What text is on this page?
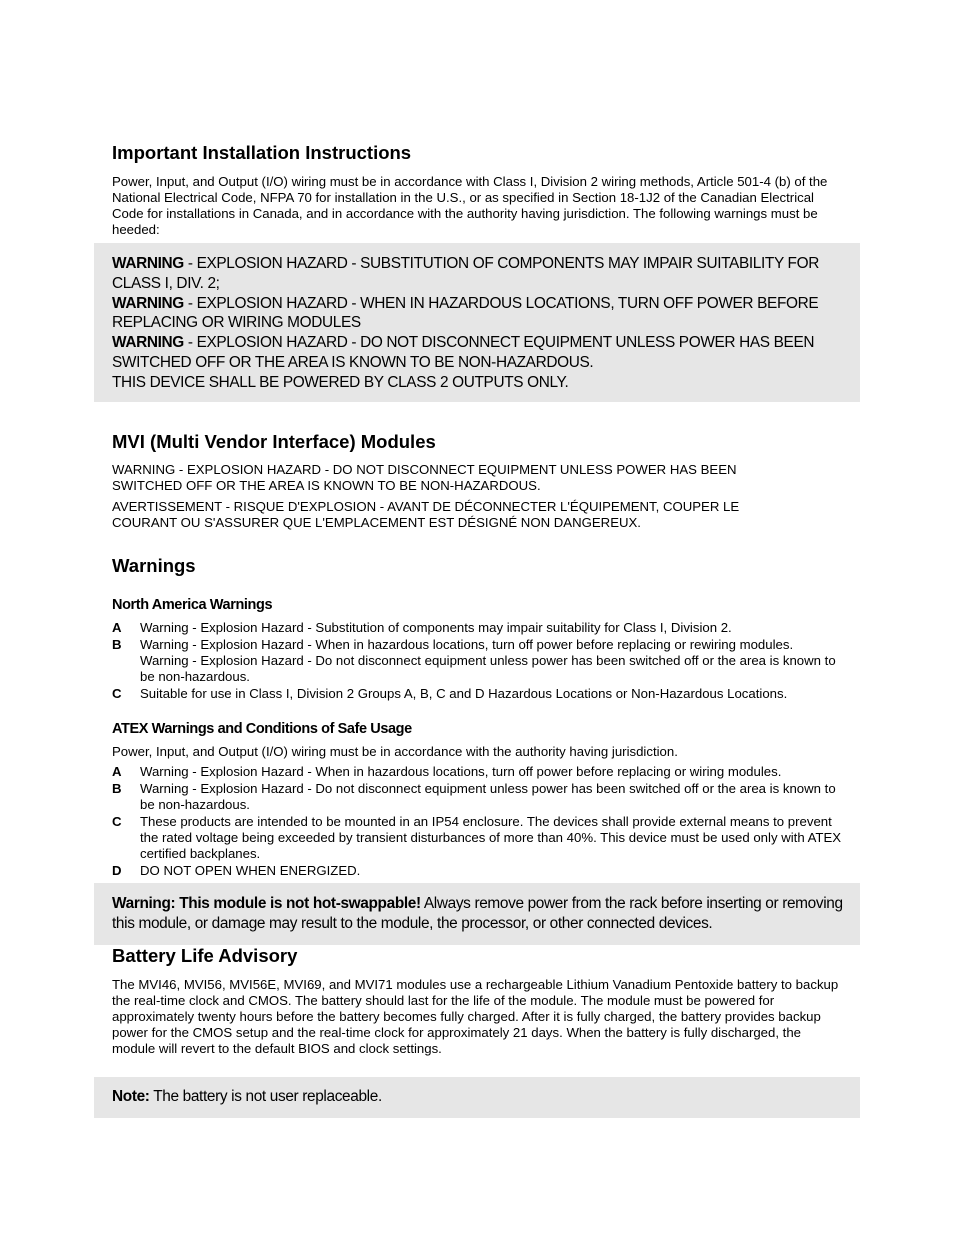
Important Installation Instructions

Power, Input, and Output (I/O) wiring must be in accordance with Class I, Division 2 wiring methods, Article 501-4 (b) of the National Electrical Code, NFPA 70 for installation in the U.S., or as specified in Section 18-1J2 of the Canadian Electrical Code for installations in Canada, and in accordance with the authority having jurisdiction. The following warnings must be heeded:

WARNING - EXPLOSION HAZARD - SUBSTITUTION OF COMPONENTS MAY IMPAIR SUITABILITY FOR CLASS I, DIV. 2;
WARNING - EXPLOSION HAZARD - WHEN IN HAZARDOUS LOCATIONS, TURN OFF POWER BEFORE REPLACING OR WIRING MODULES
WARNING - EXPLOSION HAZARD - DO NOT DISCONNECT EQUIPMENT UNLESS POWER HAS BEEN SWITCHED OFF OR THE AREA IS KNOWN TO BE NON-HAZARDOUS.
THIS DEVICE SHALL BE POWERED BY CLASS 2 OUTPUTS ONLY.
MVI (Multi Vendor Interface) Modules

WARNING - EXPLOSION HAZARD - DO NOT DISCONNECT EQUIPMENT UNLESS POWER HAS BEEN SWITCHED OFF OR THE AREA IS KNOWN TO BE NON-HAZARDOUS.

AVERTISSEMENT - RISQUE D'EXPLOSION - AVANT DE DÉCONNECTER L'ÉQUIPEMENT, COUPER LE COURANT OU S'ASSURER QUE L'EMPLACEMENT EST DÉSIGNÉ NON DANGEREUX.

Warnings
North America Warnings
A	Warning - Explosion Hazard - Substitution of components may impair suitability for Class I, Division 2.
B	Warning - Explosion Hazard - When in hazardous locations, turn off power before replacing or rewiring modules.
Warning - Explosion Hazard - Do not disconnect equipment unless power has been switched off or the area is known to be non-hazardous.
C	Suitable for use in Class I, Division 2 Groups A, B, C and D Hazardous Locations or Non-Hazardous Locations.
ATEX Warnings and Conditions of Safe Usage

Power, Input, and Output (I/O) wiring must be in accordance with the authority having jurisdiction.

A	Warning - Explosion Hazard - When in hazardous locations, turn off power before replacing or wiring modules.
B	Warning - Explosion Hazard - Do not disconnect equipment unless power has been switched off or the area is known to be non-hazardous.
C	These products are intended to be mounted in an IP54 enclosure. The devices shall provide external means to prevent the rated voltage being exceeded by transient disturbances of more than 40%. This device must be used only with ATEX certified backplanes.
D	DO NOT OPEN WHEN ENERGIZED.
Warning: This module is not hot-swappable! Always remove power from the rack before inserting or removing this module, or damage may result to the module, the processor, or other connected devices.
Battery Life Advisory

The MVI46, MVI56, MVI56E, MVI69, and MVI71 modules use a rechargeable Lithium Vanadium Pentoxide battery to backup the real-time clock and CMOS. The battery should last for the life of the module. The module must be powered for approximately twenty hours before the battery becomes fully charged. After it is fully charged, the battery provides backup power for the CMOS setup and the real-time clock for approximately 21 days. When the battery is fully discharged, the module will revert to the default BIOS and clock settings.

Note: The battery is not user replaceable.
